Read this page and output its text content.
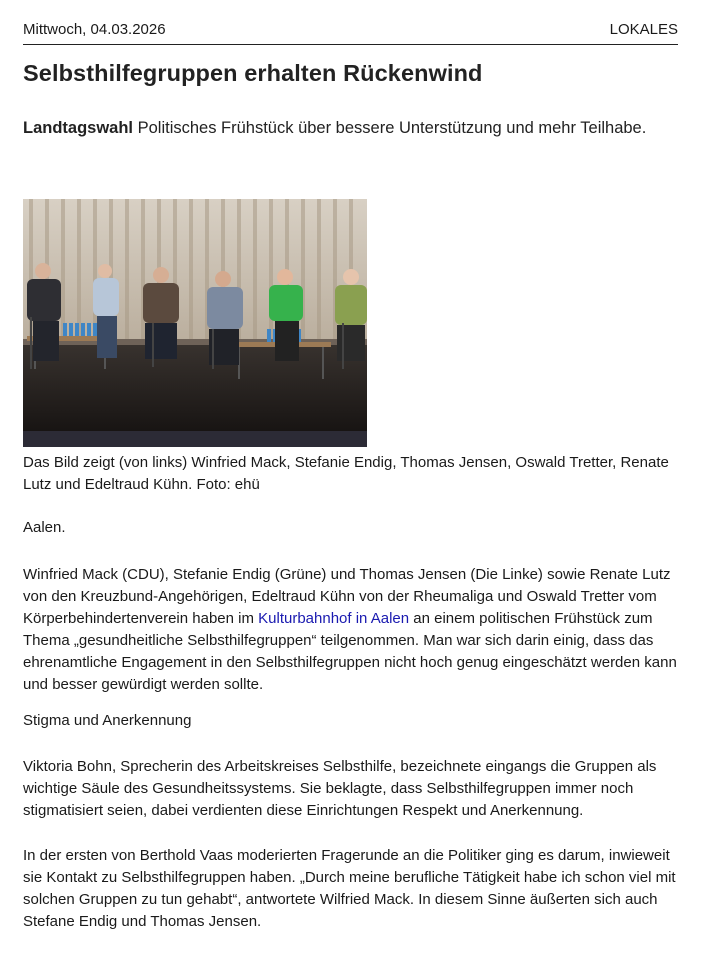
Mittwoch, 04.03.2026	LOKALES
Selbsthilfegruppen erhalten Rückenwind

Landtagswahl Politisches Frühstück über bessere Unterstützung und mehr Teilhabe.

Das Bild zeigt (von links) Winfried Mack, Stefanie Endig, Thomas Jensen, Oswald Tretter, Renate Lutz und Edeltraud Kühn. Foto: ehü

Aalen.

Winfried Mack (CDU), Stefanie Endig (Grüne) und Thomas Jensen (Die Linke) sowie Renate Lutz von den Kreuzbund-Angehörigen, Edeltraud Kühn von der Rheumaliga und Oswald Tretter vom Körperbehindertenverein haben im Kulturbahnhof in Aalen an einem politischen Frühstück zum Thema „gesundheitliche Selbsthilfegruppen“ teilgenommen. Man war sich darin einig, dass das ehrenamtliche Engagement in den Selbsthilfegruppen nicht hoch genug eingeschätzt werden kann und besser gewürdigt werden sollte.

Stigma und Anerkennung

Viktoria Bohn, Sprecherin des Arbeitskreises Selbsthilfe, bezeichnete eingangs die Gruppen als wichtige Säule des Gesundheitssystems. Sie beklagte, dass Selbsthilfegruppen immer noch stigmatisiert seien, dabei verdienten diese Einrichtungen Respekt und Anerkennung.

In der ersten von Berthold Vaas moderierten Fragerunde an die Politiker ging es darum, inwieweit sie Kontakt zu Selbsthilfegruppen haben. „Durch meine berufliche Tätigkeit habe ich schon viel mit solchen Gruppen zu tun gehabt“, antwortete Wilfried Mack. In diesem Sinne äußerten sich auch Stefane Endig und Thomas Jensen.
